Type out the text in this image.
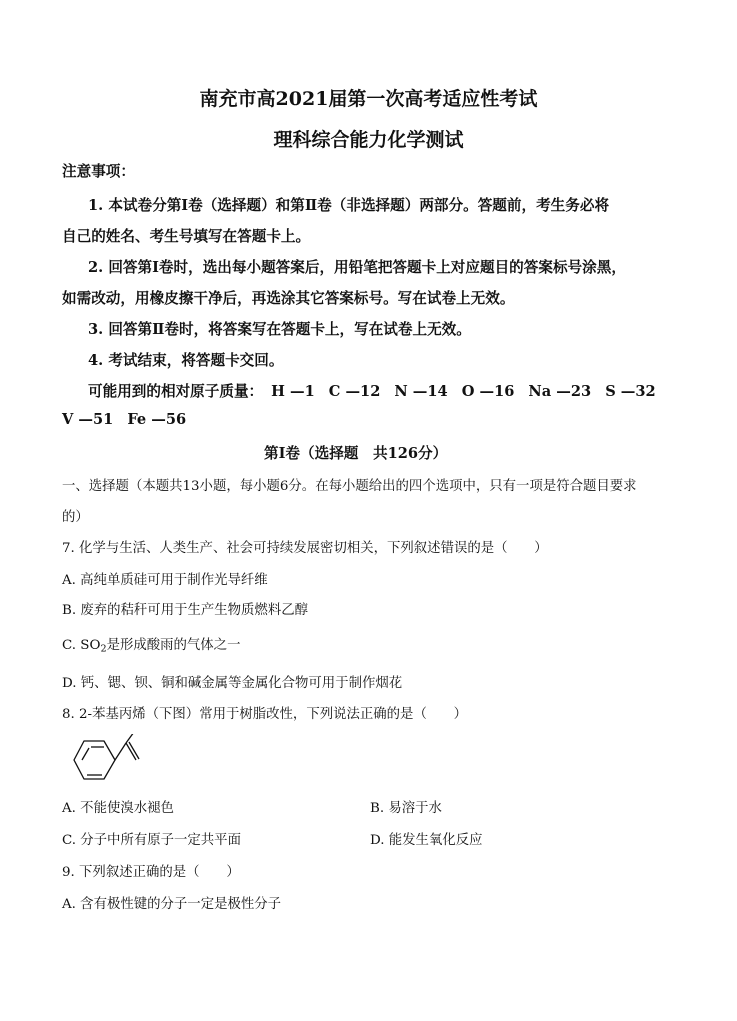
南充市高2021届第一次高考适应性考试
理科综合能力化学测试
注意事项：
1. 本试卷分第Ⅰ卷（选择题）和第Ⅱ卷（非选择题）两部分。答题前，考生务必将
自己的姓名、考生号填写在答题卡上。
2. 回答第Ⅰ卷时，选出每小题答案后，用铅笔把答题卡上对应题目的答案标号涂黑，
如需改动，用橡皮擦干净后，再选涂其它答案标号。写在试卷上无效。
3. 回答第Ⅱ卷时，将答案写在答题卡上，写在试卷上无效。
4. 考试结束，将答题卡交回。
可能用到的相对原子质量： H —1 C —12 N —14 O —16 Na —23 S —32
V —51 Fe —56
第Ⅰ卷（选择题　共126分）
一、选择题（本题共13小题，每小题6分。在每小题给出的四个选项中，只有一项是符合题目要求
的）
7. 化学与生活、人类生产、社会可持续发展密切相关，下列叙述错误的是（　　）
A. 高纯单质硅可用于制作光导纤维
B. 废弃的秸秆可用于生产生物质燃料乙醇
C. $SO_2$是形成酸雨的气体之一
D. 钙、锶、钡、铜和碱金属等金属化合物可用于制作烟花
8. 2-苯基丙烯（下图）常用于树脂改性，下列说法正确的是（　　）
A. 不能使溴水褪色	B. 易溶于水
C. 分子中所有原子一定共平面	D. 能发生氧化反应
9. 下列叙述正确的是（　　）
A. 含有极性键的分子一定是极性分子
